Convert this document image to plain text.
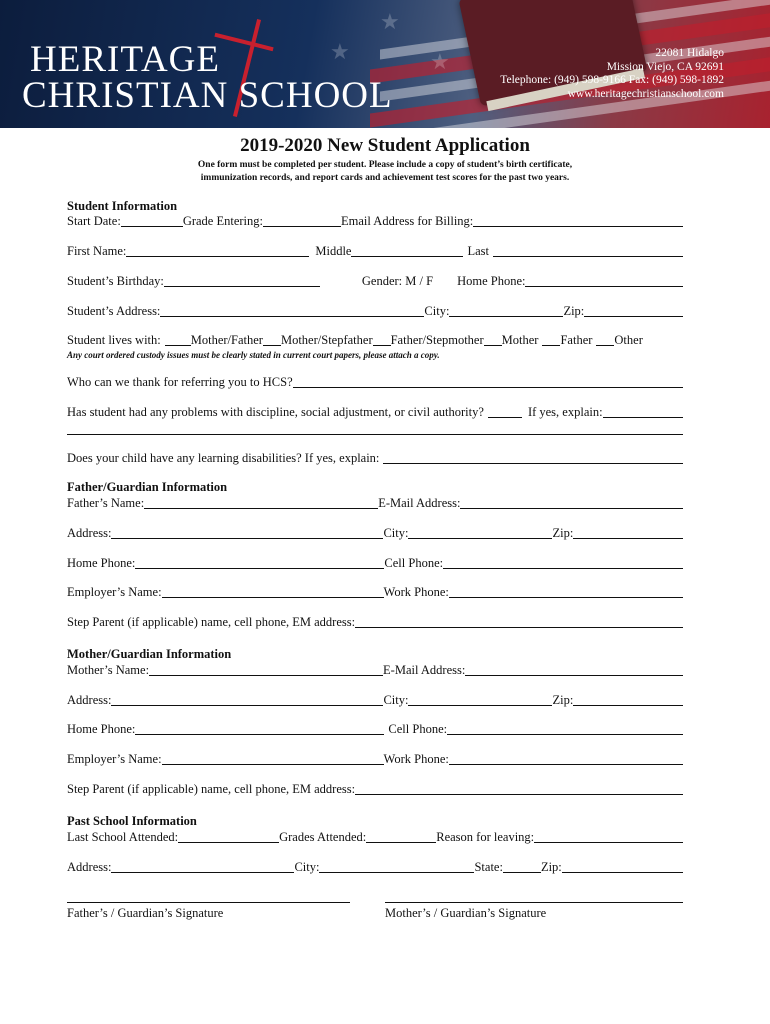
★
★
★
HERITAGE
CHRISTIAN SCHOOL
22081 Hidalgo
Mission Viejo, CA 92691
Telephone: (949) 598-9166 Fax: (949) 598-1892
www.heritagechristianschool.com
2019-2020 New Student Application
One form must be completed per student. Please include a copy of student’s birth certificate,
immunization records, and report cards and achievement test scores for the past two years.
Student Information
Start Date:	Grade Entering:	Email Address for Billing:
First Name:	Middle	Last
Student’s Birthday:	Gender: M / F Home Phone:
Student’s Address:	City:	Zip:
Student lives with: Mother/Father Mother/Stepfather Father/Stepmother Mother Father Other
Any court ordered custody issues must be clearly stated in current court papers, please attach a copy.
Who can we thank for referring you to HCS?
Has student had any problems with discipline, social adjustment, or civil authority?	If yes, explain:
Does your child have any learning disabilities? If yes, explain:
Father/Guardian Information
Father’s Name:	E-Mail Address:
Address:	City:	Zip:
Home Phone:	Cell Phone:
Employer’s Name:	Work Phone:
Step Parent (if applicable) name, cell phone, EM address:
Mother/Guardian Information
Mother’s Name:	E-Mail Address:
Address:	City:	Zip:
Home Phone:	Cell Phone:
Employer’s Name:	Work Phone:
Step Parent (if applicable) name, cell phone, EM address:
Past School Information
Last School Attended:	Grades Attended:	Reason for leaving:
Address:	City:	State:	Zip:
Father’s / Guardian’s Signature	Mother’s / Guardian’s Signature
